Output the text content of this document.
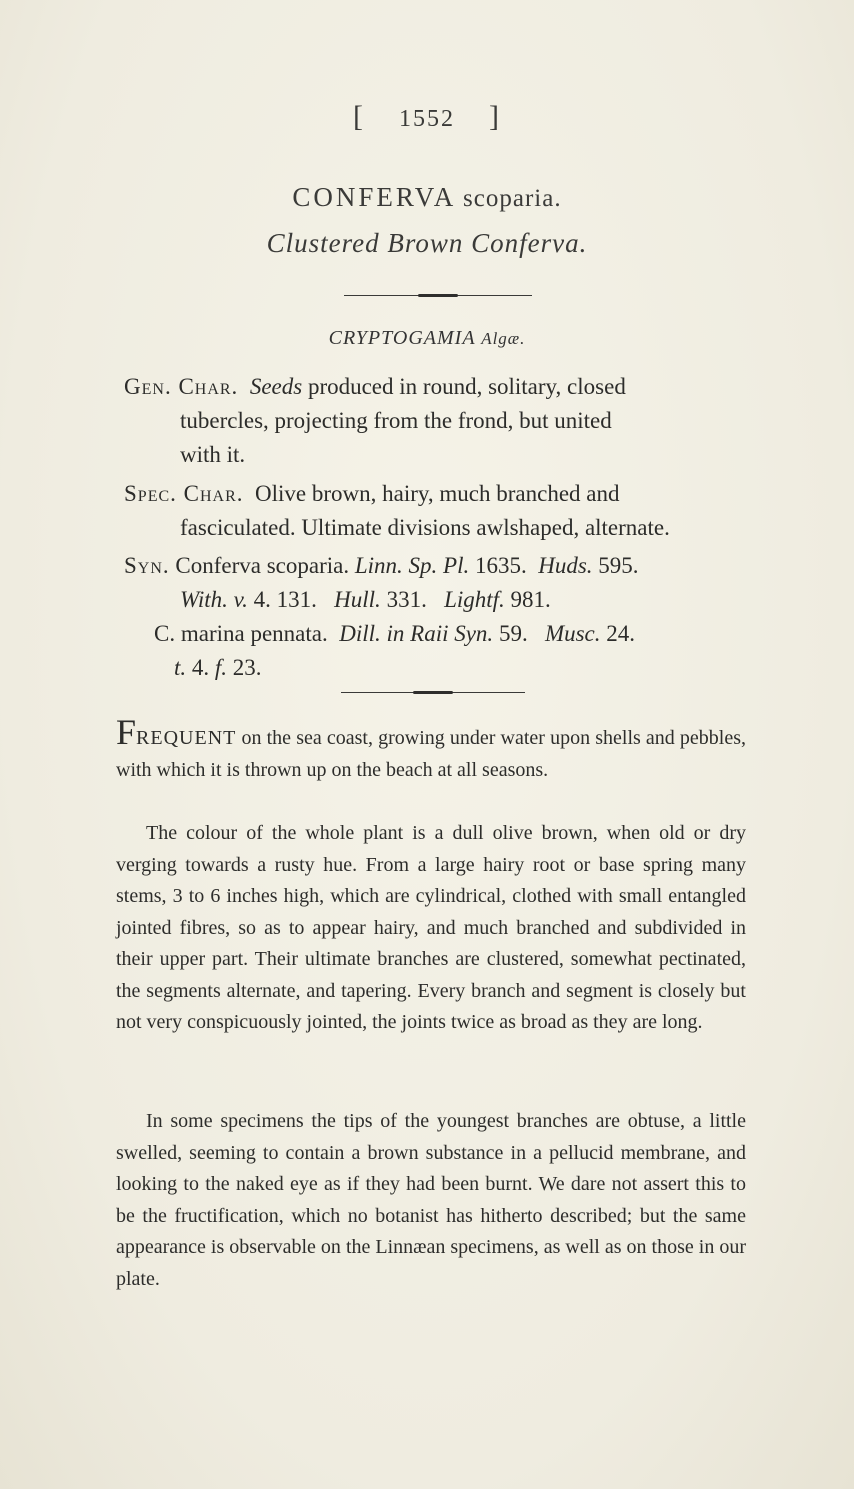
[ 1552 ]
CONFERVA scoparia.
Clustered Brown Conferva.
CRYPTOGAMIA Algæ.
Gen. Char. Seeds produced in round, solitary, closed
tubercles, projecting from the frond, but united
with it.
Spec. Char. Olive brown, hairy, much branched and
fasciculated. Ultimate divisions awlshaped, alternate.
Syn. Conferva scoparia. Linn. Sp. Pl. 1635. Huds. 595.
With. v. 4. 131. Hull. 331. Lightf. 981.
C. marina pennata. Dill. in Raii Syn. 59. Musc. 24.
t. 4. f. 23.

FREQUENT on the sea coast, growing under water upon shells and pebbles, with which it is thrown up on the beach at all seasons.

The colour of the whole plant is a dull olive brown, when old or dry verging towards a rusty hue. From a large hairy root or base spring many stems, 3 to 6 inches high, which are cylindrical, clothed with small entangled jointed fibres, so as to appear hairy, and much branched and subdivided in their upper part. Their ultimate branches are clustered, somewhat pectinated, the segments alternate, and tapering. Every branch and segment is closely but not very conspicuously jointed, the joints twice as broad as they are long.

In some specimens the tips of the youngest branches are obtuse, a little swelled, seeming to contain a brown substance in a pellucid membrane, and looking to the naked eye as if they had been burnt. We dare not assert this to be the fructification, which no botanist has hitherto described; but the same appearance is observable on the Linnæan specimens, as well as on those in our plate.
